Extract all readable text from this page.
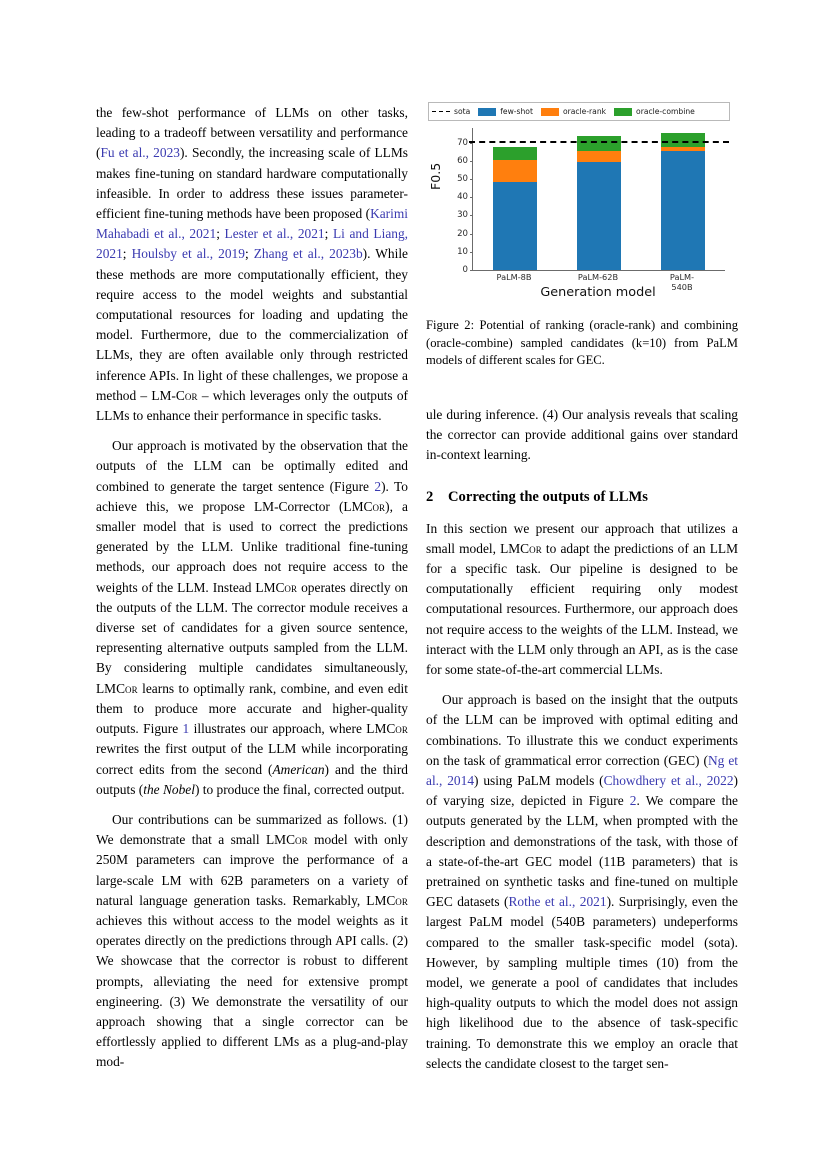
the few-shot performance of LLMs on other tasks, leading to a tradeoff between versatility and performance (Fu et al., 2023). Secondly, the increasing scale of LLMs makes fine-tuning on standard hardware computationally infeasible. In order to address these issues parameter-efficient fine-tuning methods have been proposed (Karimi Mahabadi et al., 2021; Lester et al., 2021; Li and Liang, 2021; Houlsby et al., 2019; Zhang et al., 2023b). While these methods are more computationally efficient, they require access to the model weights and substantial computational resources for loading and updating the model. Furthermore, due to the commercialization of LLMs, they are often available only through restricted inference APIs. In light of these challenges, we propose a method – LM-Cor – which leverages only the outputs of LLMs to enhance their performance in specific tasks.

Our approach is motivated by the observation that the outputs of the LLM can be optimally edited and combined to generate the target sentence (Figure 2). To achieve this, we propose LM-Corrector (LMCor), a smaller model that is used to correct the predictions generated by the LLM. Unlike traditional fine-tuning methods, our approach does not require access to the weights of the LLM. Instead LMCor operates directly on the outputs of the LLM. The corrector module receives a diverse set of candidates for a given source sentence, representing alternative outputs sampled from the LLM. By considering multiple candidates simultaneously, LMCor learns to optimally rank, combine, and even edit them to produce more accurate and higher-quality outputs. Figure 1 illustrates our approach, where LMCor rewrites the first output of the LLM while incorporating correct edits from the second (American) and the third outputs (the Nobel) to produce the final, corrected output.

Our contributions can be summarized as follows. (1) We demonstrate that a small LMCor model with only 250M parameters can improve the performance of a large-scale LM with 62B parameters on a variety of natural language generation tasks. Remarkably, LMCor achieves this without access to the model weights as it operates directly on the predictions through API calls. (2) We showcase that the corrector is robust to different prompts, alleviating the need for extensive prompt engineering. (3) We demonstrate the versatility of our approach showing that a single corrector can be effortlessly applied to different LMs as a plug-and-play mod-

sota	few-shot	oracle-rank	oracle-combine
F0.5
0
10
20
30
40
50
60
70
PaLM-8B	PaLM-62B	PaLM-540B
Generation model
Figure 2: Potential of ranking (oracle-rank) and combining (oracle-combine) sampled candidates (k=10) from PaLM models of different scales for GEC.

ule during inference. (4) Our analysis reveals that scaling the corrector can provide additional gains over standard in-context learning.

2 Correcting the outputs of LLMs

In this section we present our approach that utilizes a small model, LMCor to adapt the predictions of an LLM for a specific task. Our pipeline is designed to be computationally efficient requiring only modest computational resources. Furthermore, our approach does not require access to the weights of the LLM. Instead, we interact with the LLM only through an API, as is the case for some state-of-the-art commercial LLMs.

Our approach is based on the insight that the outputs of the LLM can be improved with optimal editing and combinations. To illustrate this we conduct experiments on the task of grammatical error correction (GEC) (Ng et al., 2014) using PaLM models (Chowdhery et al., 2022) of varying size, depicted in Figure 2. We compare the outputs generated by the LLM, when prompted with the description and demonstrations of the task, with those of a state-of-the-art GEC model (11B parameters) that is pretrained on synthetic tasks and fine-tuned on multiple GEC datasets (Rothe et al., 2021). Surprisingly, even the largest PaLM model (540B parameters) undeperforms compared to the smaller task-specific model (sota). However, by sampling multiple times (10) from the model, we generate a pool of candidates that includes high-quality outputs to which the model does not assign high likelihood due to the absence of task-specific training. To demonstrate this we employ an oracle that selects the candidate closest to the target sen-
